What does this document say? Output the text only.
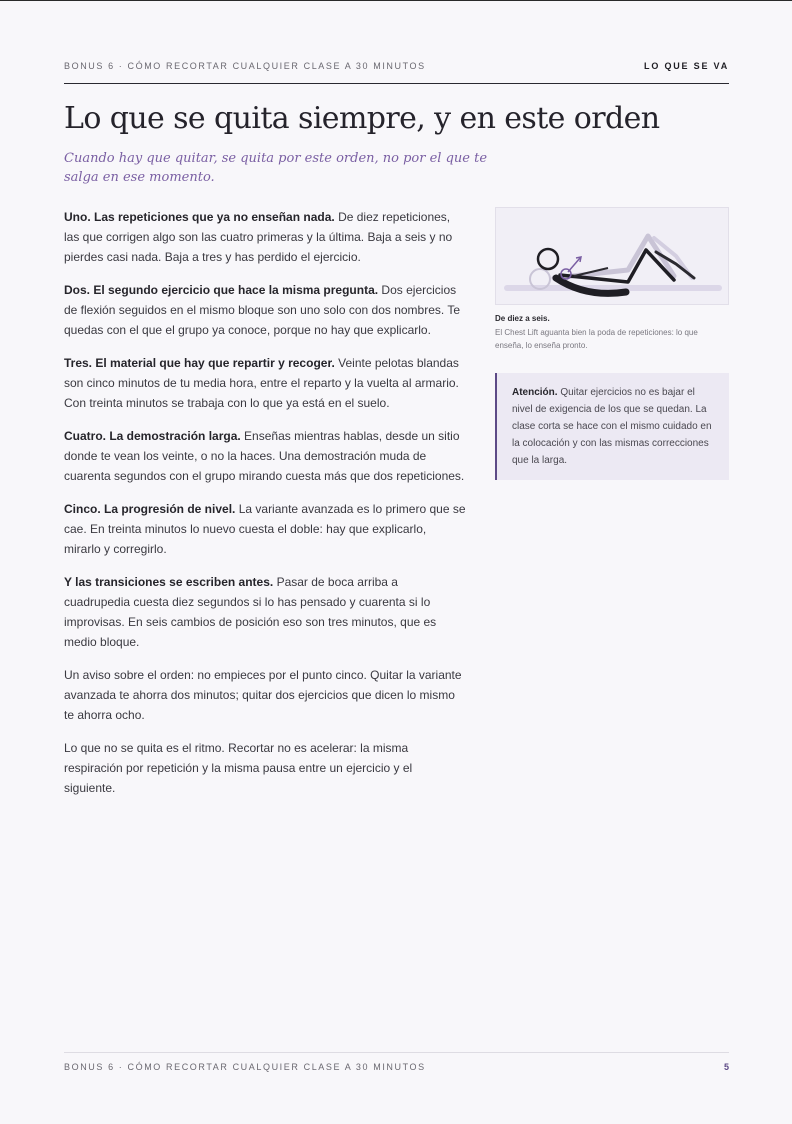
BONUS 6 · CÓMO RECORTAR CUALQUIER CLASE A 30 MINUTOS	LO QUE SE VA
Lo que se quita siempre, y en este orden

Cuando hay que quitar, se quita por este orden, no por el que te salga en ese momento.

Uno. Las repeticiones que ya no enseñan nada. De diez repeticiones, las que corrigen algo son las cuatro primeras y la última. Baja a seis y no pierdes casi nada. Baja a tres y has perdido el ejercicio.

Dos. El segundo ejercicio que hace la misma pregunta. Dos ejercicios de flexión seguidos en el mismo bloque son uno solo con dos nombres. Te quedas con el que el grupo ya conoce, porque no hay que explicarlo.

Tres. El material que hay que repartir y recoger. Veinte pelotas blandas son cinco minutos de tu media hora, entre el reparto y la vuelta al armario. Con treinta minutos se trabaja con lo que ya está en el suelo.

Cuatro. La demostración larga. Enseñas mientras hablas, desde un sitio donde te vean los veinte, o no la haces. Una demostración muda de cuarenta segundos con el grupo mirando cuesta más que dos repeticiones.

Cinco. La progresión de nivel. La variante avanzada es lo primero que se cae. En treinta minutos lo nuevo cuesta el doble: hay que explicarlo, mirarlo y corregirlo.

Y las transiciones se escriben antes. Pasar de boca arriba a cuadrupedia cuesta diez segundos si lo has pensado y cuarenta si lo improvisas. En seis cambios de posición eso son tres minutos, que es medio bloque.

Un aviso sobre el orden: no empieces por el punto cinco. Quitar la variante avanzada te ahorra dos minutos; quitar dos ejercicios que dicen lo mismo te ahorra ocho.

Lo que no se quita es el ritmo. Recortar no es acelerar: la misma respiración por repetición y la misma pausa entre un ejercicio y el siguiente.

De diez a seis.
El Chest Lift aguanta bien la poda de repeticiones: lo que enseña, lo enseña pronto.
Atención. Quitar ejercicios no es bajar el nivel de exigencia de los que se quedan. La clase corta se hace con el mismo cuidado en la colocación y con las mismas correcciones que la larga.
BONUS 6 · CÓMO RECORTAR CUALQUIER CLASE A 30 MINUTOS	5
